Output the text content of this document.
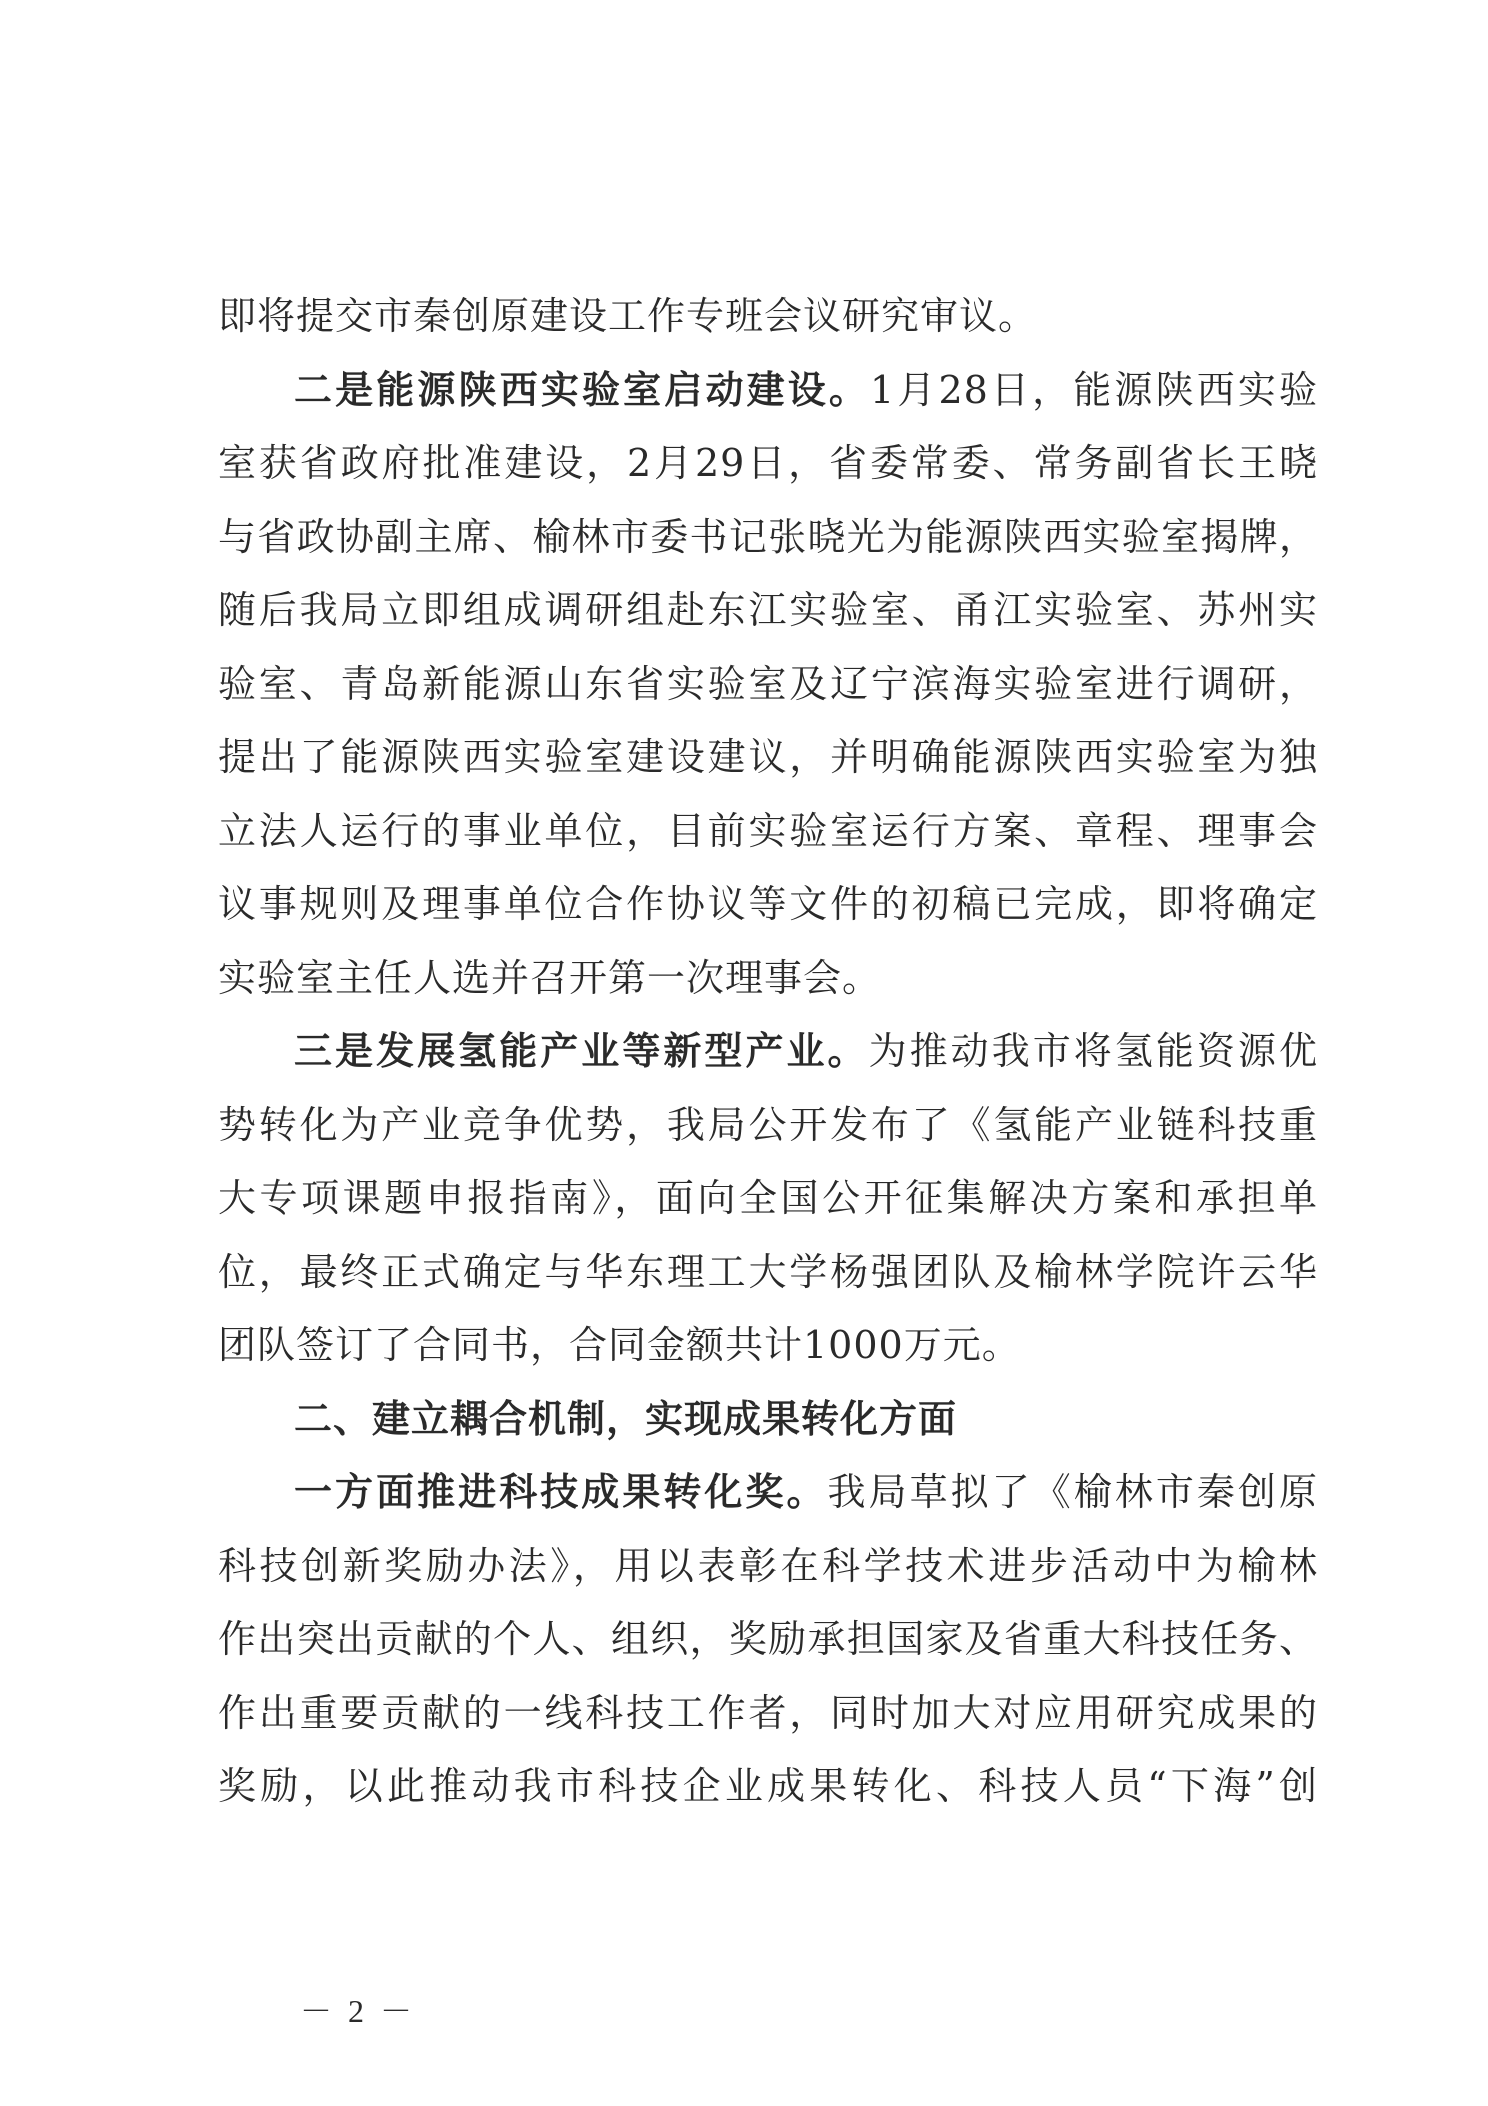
即将提交市秦创原建设工作专班会议研究审议。
二是能源陕西实验室启动建设。1月28日，能源陕西实验
室获省政府批准建设，2月29日，省委常委、常务副省长王晓
与省政协副主席、榆林市委书记张晓光为能源陕西实验室揭牌，
随后我局立即组成调研组赴东江实验室、甬江实验室、苏州实
验室、青岛新能源山东省实验室及辽宁滨海实验室进行调研，
提出了能源陕西实验室建设建议，并明确能源陕西实验室为独
立法人运行的事业单位，目前实验室运行方案、章程、理事会
议事规则及理事单位合作协议等文件的初稿已完成，即将确定
实验室主任人选并召开第一次理事会。
三是发展氢能产业等新型产业。为推动我市将氢能资源优
势转化为产业竞争优势，我局公开发布了《氢能产业链科技重
大专项课题申报指南》，面向全国公开征集解决方案和承担单
位，最终正式确定与华东理工大学杨强团队及榆林学院许云华
团队签订了合同书，合同金额共计1000万元。
二、建立耦合机制，实现成果转化方面
一方面推进科技成果转化奖。我局草拟了《榆林市秦创原
科技创新奖励办法》，用以表彰在科学技术进步活动中为榆林
作出突出贡献的个人、组织，奖励承担国家及省重大科技任务、
作出重要贡献的一线科技工作者，同时加大对应用研究成果的
奖励，以此推动我市科技企业成果转化、科技人员“下海”创
－ 2 －
